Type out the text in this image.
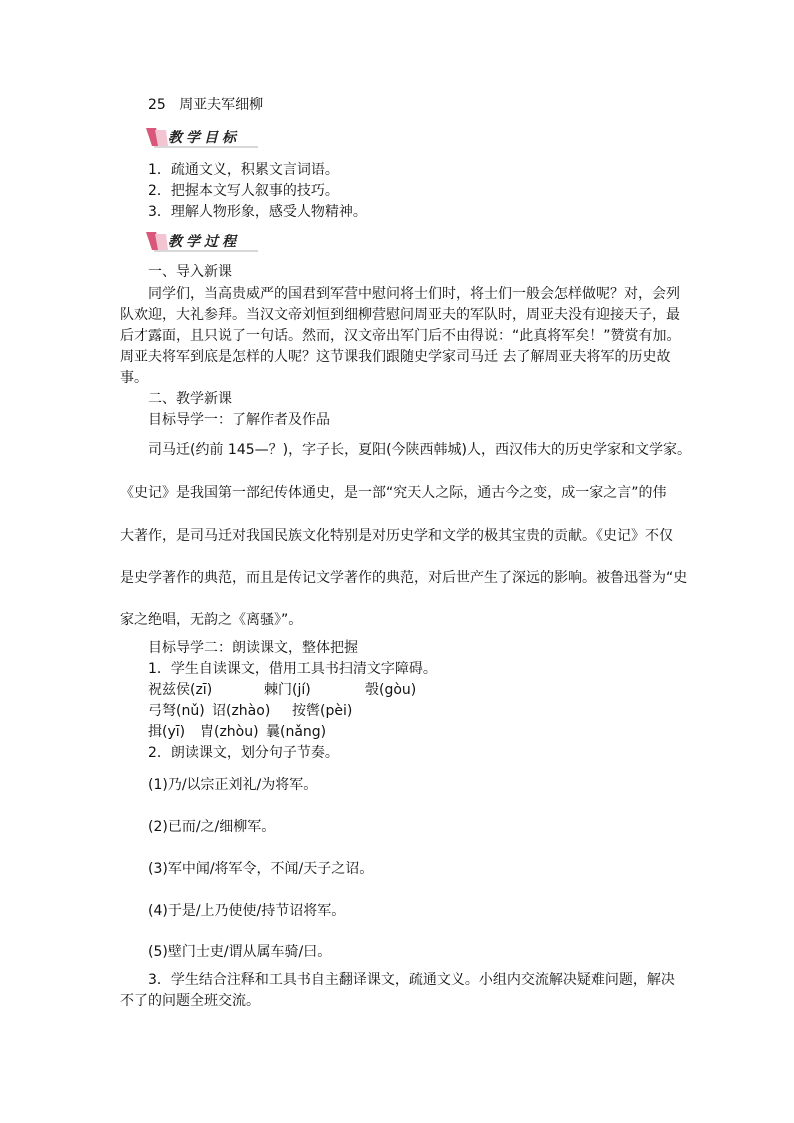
25 周亚夫军细柳
教学目标
1．疏通文义，积累文言词语。
2．把握本文写人叙事的技巧。
3．理解人物形象，感受人物精神。
教学过程
一、导入新课
同学们，当高贵威严的国君到军营中慰问将士们时，将士们一般会怎样做呢？对，会列
队欢迎，大礼参拜。当汉文帝刘恒到细柳营慰问周亚夫的军队时，周亚夫没有迎接天子，最
后才露面，且只说了一句话。然而，汉文帝出军门后不由得说：“此真将军矣！”赞赏有加。
周亚夫将军到底是怎样的人呢？这节课我们跟随史学家司马迁 去了解周亚夫将军的历史故
事。
二、教学新课
目标导学一：了解作者及作品
司马迁(约前 145—？)，字子长，夏阳(今陕西韩城)人，西汉伟大的历史学家和文学家。
《史记》是我国第一部纪传体通史，是一部“究天人之际，通古今之变，成一家之言”的伟
大著作，是司马迁对我国民族文化特别是对历史学和文学的极其宝贵的贡献。《史记》不仅
是史学著作的典范，而且是传记文学著作的典范，对后世产生了深远的影响。被鲁迅誉为“史
家之绝唱，无韵之《离骚》”。
目标导学二：朗读课文，整体把握
1．学生自读课文，借用工具书扫清文字障碍。
祝兹侯(zī)	棘门(jí)	彀(gòu)
弓弩(nǔ) 诏(zhào) 按辔(pèi)
揖(yī) 胄(zhòu) 曩(nǎng)
2．朗读课文，划分句子节奏。
(1)乃/以宗正刘礼/为将军。
(2)已而/之/细柳军。
(3)军中闻/将军令，不闻/天子之诏。
(4)于是/上乃使使/持节诏将军。
(5)壁门士吏/谓从属车骑/曰。
3．学生结合注释和工具书自主翻译课文，疏通文义。小组内交流解决疑难问题，解决
不了的问题全班交流。
